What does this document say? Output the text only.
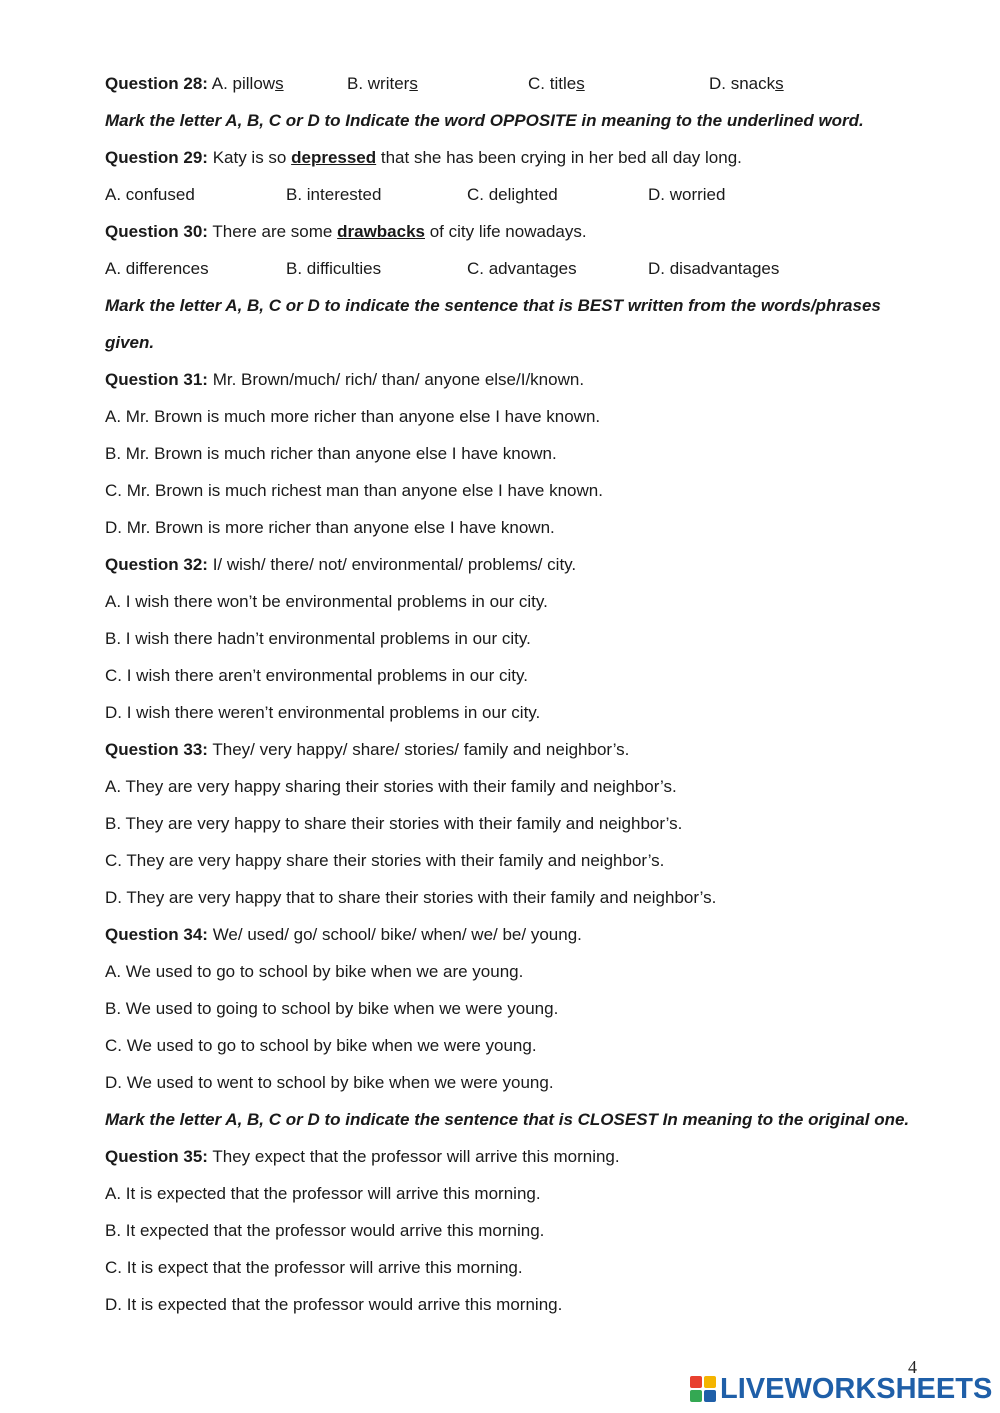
Question 28: A. pillows	B. writers	C. titles	D. snacks
Mark the letter A, B, C or D to Indicate the word OPPOSITE in meaning to the underlined word.
Question 29: Katy is so depressed that she has been crying in her bed all day long.
A. confused	B. interested	C. delighted	D. worried
Question 30: There are some drawbacks of city life nowadays.
A. differences	B. difficulties	C. advantages	D. disadvantages
Mark the letter A, B, C or D to indicate the sentence that is BEST written from the words/phrases
given.
Question 31: Mr. Brown/much/ rich/ than/ anyone else/I/known.
A. Mr. Brown is much more richer than anyone else I have known.
B. Mr. Brown is much richer than anyone else I have known.
C. Mr. Brown is much richest man than anyone else I have known.
D. Mr. Brown is more richer than anyone else I have known.
Question 32: I/ wish/ there/ not/ environmental/ problems/ city.
A. I wish there won’t be environmental problems in our city.
B. I wish there hadn’t environmental problems in our city.
C. I wish there aren’t environmental problems in our city.
D. I wish there weren’t environmental problems in our city.
Question 33: They/ very happy/ share/ stories/ family and neighbor’s.
A. They are very happy sharing their stories with their family and neighbor’s.
B. They are very happy to share their stories with their family and neighbor’s.
C. They are very happy share their stories with their family and neighbor’s.
D. They are very happy that to share their stories with their family and neighbor’s.
Question 34: We/ used/ go/ school/ bike/ when/ we/ be/ young.
A. We used to go to school by bike when we are young.
B. We used to going to school by bike when we were young.
C. We used to go to school by bike when we were young.
D. We used to went to school by bike when we were young.
Mark the letter A, B, C or D to indicate the sentence that is CLOSEST In meaning to the original one.
Question 35: They expect that the professor will arrive this morning.
A. It is expected that the professor will arrive this morning.
B. It expected that the professor would arrive this morning.
C. It is expect that the professor will arrive this morning.
D. It is expected that the professor would arrive this morning.
4
LIVEWORKSHEETS
